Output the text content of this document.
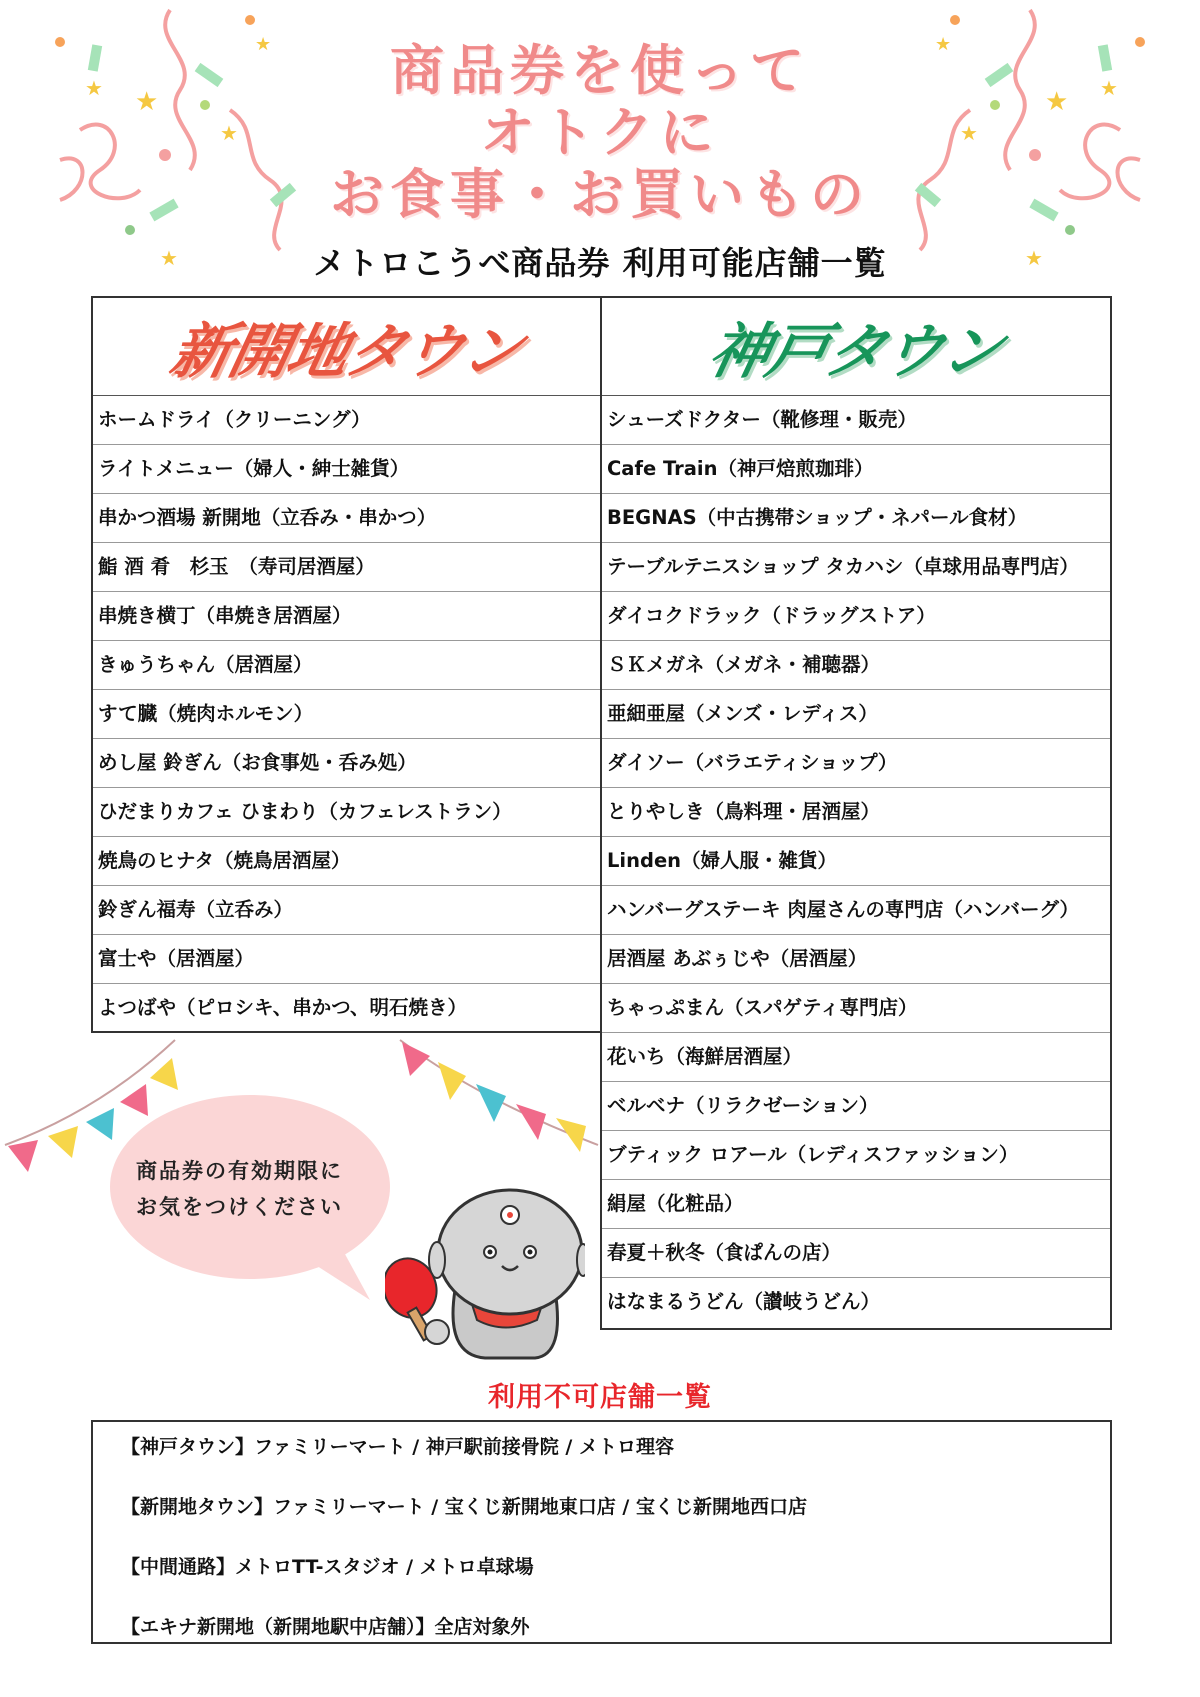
★
★
★
★
★
★ ★
★
★
★
商品券を使って
オトクに
お食事・お買いもの
メトロこうべ商品券 利用可能店舗一覧
新開地タウン
ホームドライ（クリーニング）
ライトメニュー（婦人・紳士雑貨）
串かつ酒場 新開地（立呑み・串かつ）
鮨 酒 肴　杉玉　（寿司居酒屋）
串焼き横丁（串焼き居酒屋）
きゅうちゃん（居酒屋）
すて臓（焼肉ホルモン）
めし屋 鈴ぎん（お食事処・呑み処）
ひだまりカフェ ひまわり（カフェレストラン）
焼鳥のヒナタ（焼鳥居酒屋）
鈴ぎん福寿（立呑み）
富士や（居酒屋）
よつばや（ピロシキ、串かつ、明石焼き）
神戸タウン
シューズドクター（靴修理・販売）
Cafe Train（神戸焙煎珈琲）
BEGNAS（中古携帯ショップ・ネパール食材）
テーブルテニスショップ タカハシ（卓球用品専門店）
ダイコクドラック（ドラッグストア）
ＳＫメガネ（メガネ・補聴器）
亜細亜屋（メンズ・レディス）
ダイソー（バラエティショップ）
とりやしき（鳥料理・居酒屋）
Linden（婦人服・雑貨）
ハンバーグステーキ 肉屋さんの専門店（ハンバーグ）
居酒屋 あぶぅじや（居酒屋）
ちゃっぷまん（スパゲティ専門店）
花いち（海鮮居酒屋）
ベルベナ（リラクゼーション）
ブティック ロアール（レディスファッション）
絹屋（化粧品）
春夏＋秋冬（食ぱんの店）
はなまるうどん（讃岐うどん）
商品券の有効期限に
お気をつけください
利用不可店舗一覧
【神戸タウン】ファミリーマート / 神戸駅前接骨院 / メトロ理容
【新開地タウン】ファミリーマート / 宝くじ新開地東口店 / 宝くじ新開地西口店
【中間通路】メトロTT-スタジオ / メトロ卓球場
【エキナ新開地（新開地駅中店舗）】全店対象外
